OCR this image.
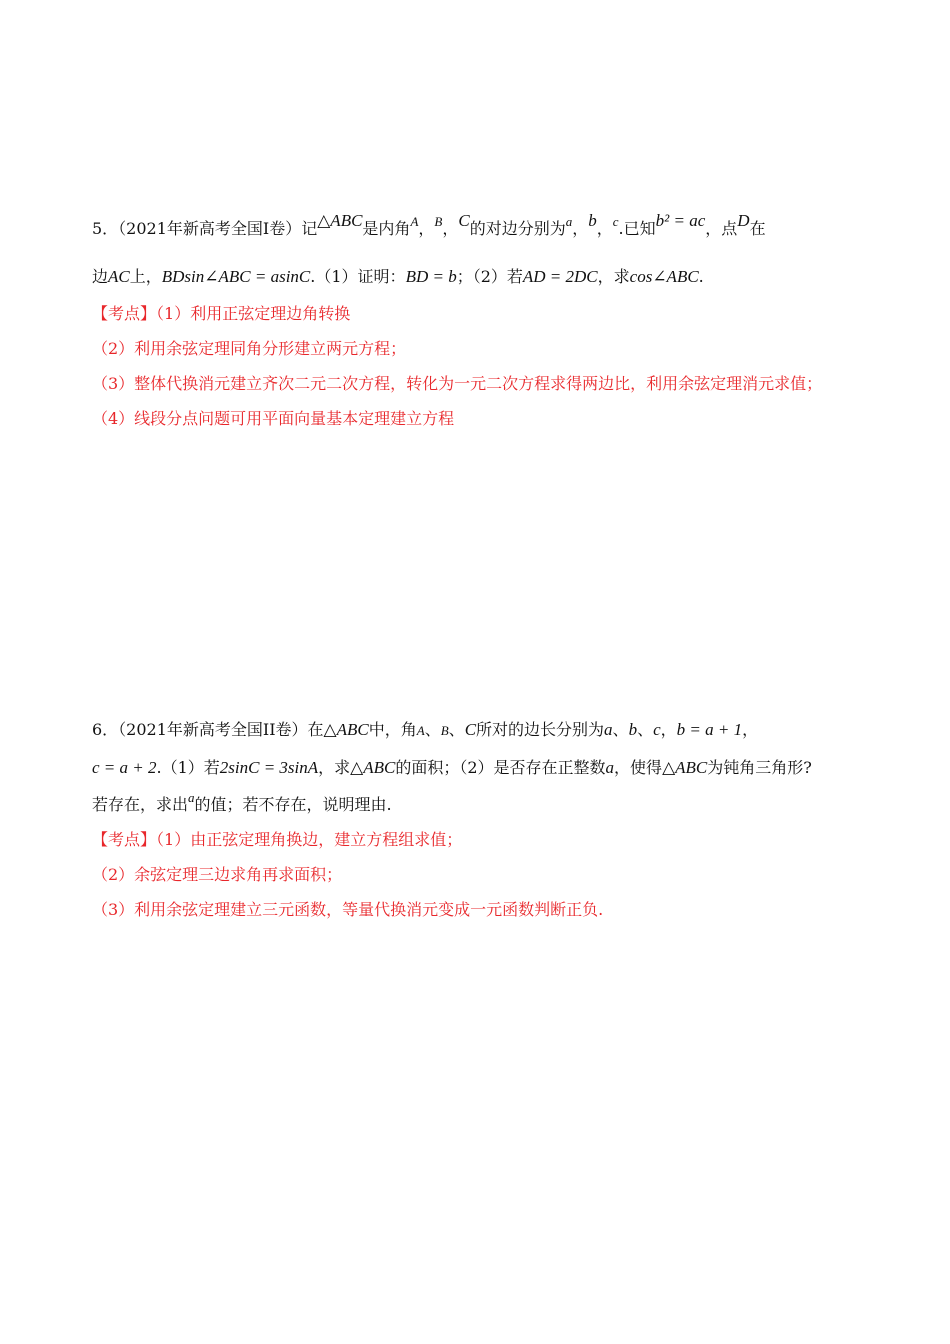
5．（2021年新高考全国I卷）记△ABC是内角$^A$，$^B$，C的对边分别为$^a$，b，$^c$.已知b² = ac，点D在
边AC上，BDsin∠ABC = asinC.（1）证明：BD = b；（2）若AD = 2DC，求cos∠ABC.
【考点】（1）利用正弦定理边角转换
（2）利用余弦定理同角分形建立两元方程；
（3）整体代换消元建立齐次二元二次方程，转化为一元二次方程求得两边比，利用余弦定理消元求值；
（4）线段分点问题可用平面向量基本定理建立方程
6．（2021年新高考全国II卷）在△ABC中，角A、B、C所对的边长分别为a、b、c，b = a + 1，
c = a + 2.（1）若2sinC = 3sinA，求△ABC的面积；（2）是否存在正整数a，使得△ABC为钝角三角形?
若存在，求出$^a$的值；若不存在，说明理由.
【考点】（1）由正弦定理角换边，建立方程组求值；
（2）余弦定理三边求角再求面积；
（3）利用余弦定理建立三元函数，等量代换消元变成一元函数判断正负.
